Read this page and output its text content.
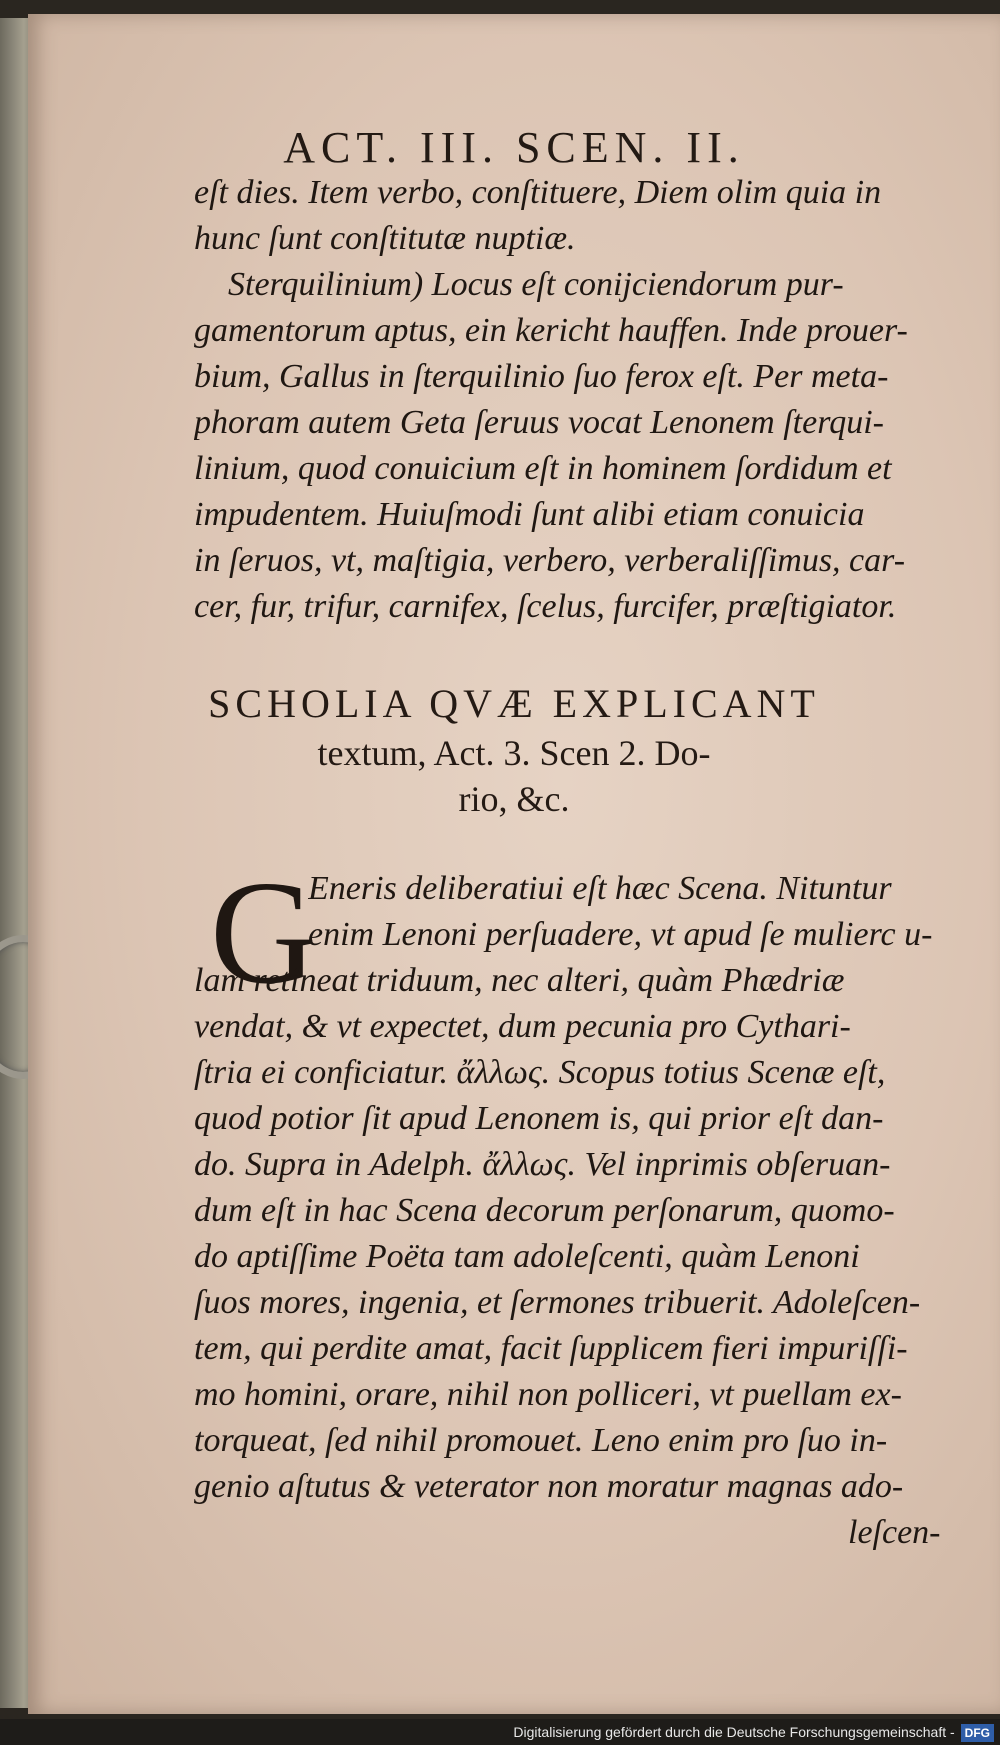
ACT. III. SCEN. II.
eſt dies. Item verbo, conſtituere, Diem olim quia in
hunc ſunt conſtitutæ nuptiæ.
Sterquilinium) Locus eſt conijciendorum pur-
gamentorum aptus, ein kericht hauffen. Inde prouer-
bium, Gallus in ſterquilinio ſuo ferox eſt. Per meta-
phoram autem Geta ſeruus vocat Lenonem ſterqui-
linium, quod conuicium eſt in hominem ſordidum et
impudentem. Huiuſmodi ſunt alibi etiam conuicia
in ſeruos, vt, maſtigia, verbero, verberaliſſimus, car-
cer, fur, trifur, carnifex, ſcelus, furcifer, præſtigiator.
SCHOLIA QVÆ EXPLICANT
textum, Act. 3. Scen 2. Do-
rio, &c.
G
Eneris deliberatiui eſt hæc Scena. Nituntur
enim Lenoni perſuadere, vt apud ſe mulierc u-
lam retineat triduum, nec alteri, quàm Phædriæ
vendat, & vt expectet, dum pecunia pro Cythari-
ſtria ei conficiatur. ἄλλως. Scopus totius Scenæ eſt,
quod potior ſit apud Lenonem is, qui prior eſt dan-
do. Supra in Adelph. ἄλλως. Vel inprimis obſeruan-
dum eſt in hac Scena decorum perſonarum, quomo-
do aptiſſime Poëta tam adoleſcenti, quàm Lenoni
ſuos mores, ingenia, et ſermones tribuerit. Adoleſcen-
tem, qui perdite amat, facit ſupplicem fieri impuriſſi-
mo homini, orare, nihil non polliceri, vt puellam ex-
torqueat, ſed nihil promouet. Leno enim pro ſuo in-
genio aſtutus & veterator non moratur magnas ado-
leſcen-
Digitalisierung gefördert durch die Deutsche Forschungsgemeinschaft - DFG
